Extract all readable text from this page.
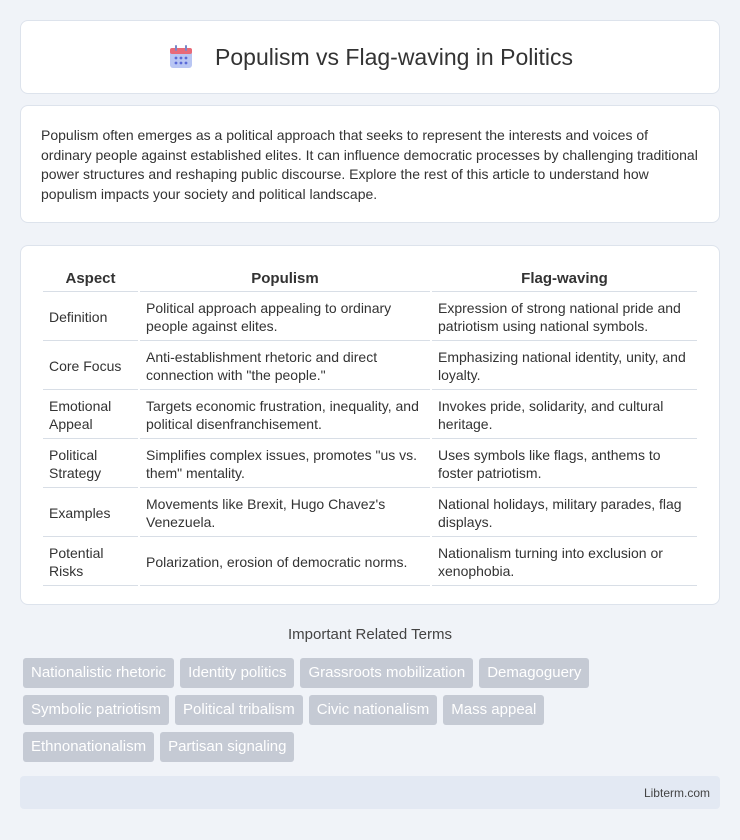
Populism vs Flag-waving in Politics

Populism often emerges as a political approach that seeks to represent the interests and voices of ordinary people against established elites. It can influence democratic processes by challenging traditional power structures and reshaping public discourse. Explore the rest of this article to understand how populism impacts your society and political landscape.

Aspect	Populism	Flag-waving
Definition	Political approach appealing to ordinary people against elites.	Expression of strong national pride and patriotism using national symbols.
Core Focus	Anti-establishment rhetoric and direct connection with "the people."	Emphasizing national identity, unity, and loyalty.
Emotional Appeal	Targets economic frustration, inequality, and political disenfranchisement.	Invokes pride, solidarity, and cultural heritage.
Political Strategy	Simplifies complex issues, promotes "us vs. them" mentality.	Uses symbols like flags, anthems to foster patriotism.
Examples	Movements like Brexit, Hugo Chavez's Venezuela.	National holidays, military parades, flag displays.
Potential Risks	Polarization, erosion of democratic norms.	Nationalism turning into exclusion or xenophobia.
Important Related Terms
Nationalistic rhetoric	Identity politics	Grassroots mobilization	Demagoguery
Symbolic patriotism	Political tribalism	Civic nationalism	Mass appeal
Ethnonationalism	Partisan signaling
Libterm.com
